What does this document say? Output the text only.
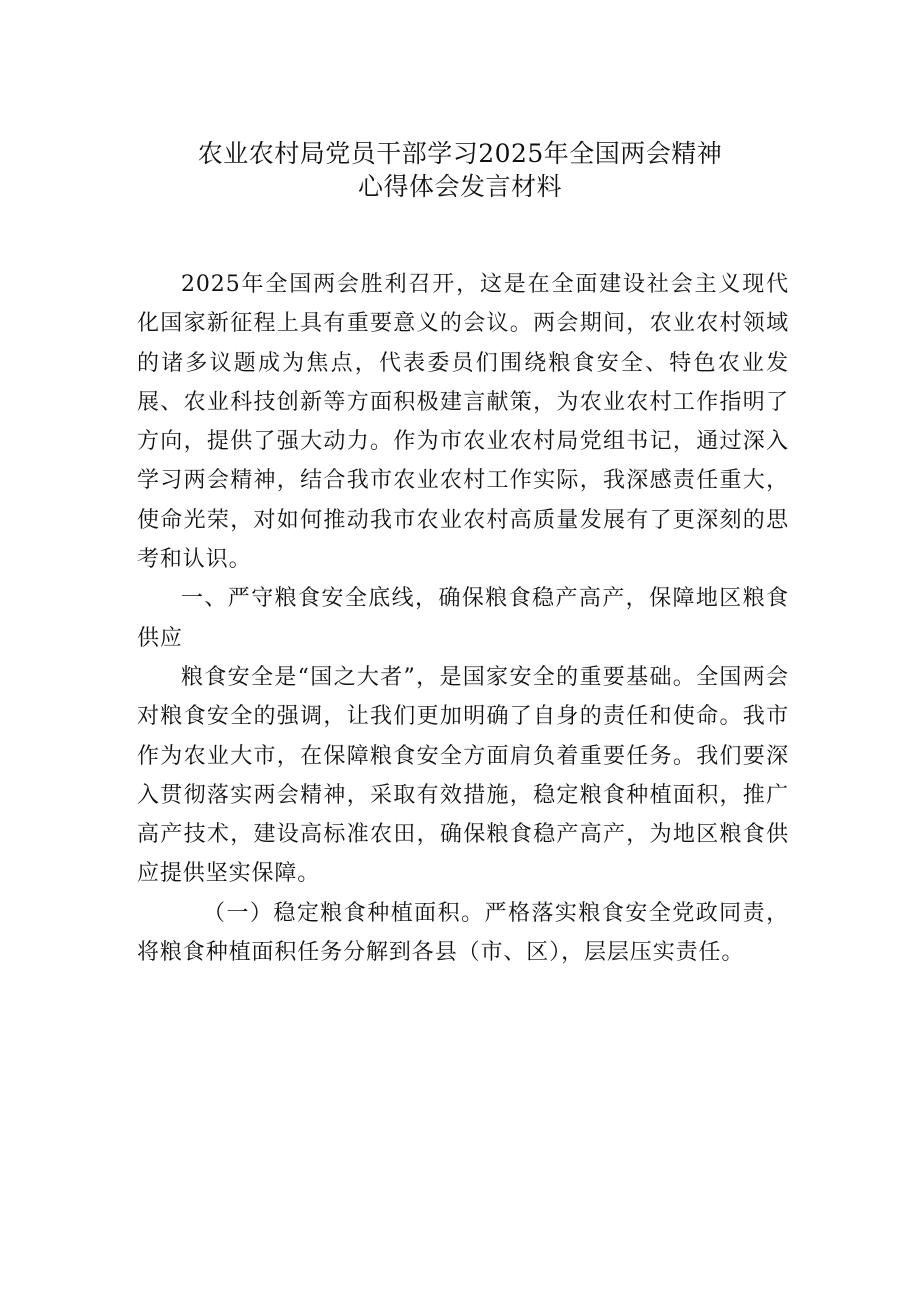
农业农村局党员干部学习2025年全国两会精神
心得体会发言材料

2025年全国两会胜利召开，这是在全面建设社会主义现代化国家新征程上具有重要意义的会议。两会期间，农业农村领域的诸多议题成为焦点，代表委员们围绕粮食安全、特色农业发展、农业科技创新等方面积极建言献策，为农业农村工作指明了方向，提供了强大动力。作为市农业农村局党组书记，通过深入学习两会精神，结合我市农业农村工作实际，我深感责任重大，使命光荣，对如何推动我市农业农村高质量发展有了更深刻的思考和认识。

一、严守粮食安全底线，确保粮食稳产高产，保障地区粮食供应

粮食安全是“国之大者”，是国家安全的重要基础。全国两会对粮食安全的强调，让我们更加明确了自身的责任和使命。我市作为农业大市，在保障粮食安全方面肩负着重要任务。我们要深入贯彻落实两会精神，采取有效措施，稳定粮食种植面积，推广高产技术，建设高标准农田，确保粮食稳产高产，为地区粮食供应提供坚实保障。

（一）稳定粮食种植面积。严格落实粮食安全党政同责，将粮食种植面积任务分解到各县（市、区），层层压实责任。
